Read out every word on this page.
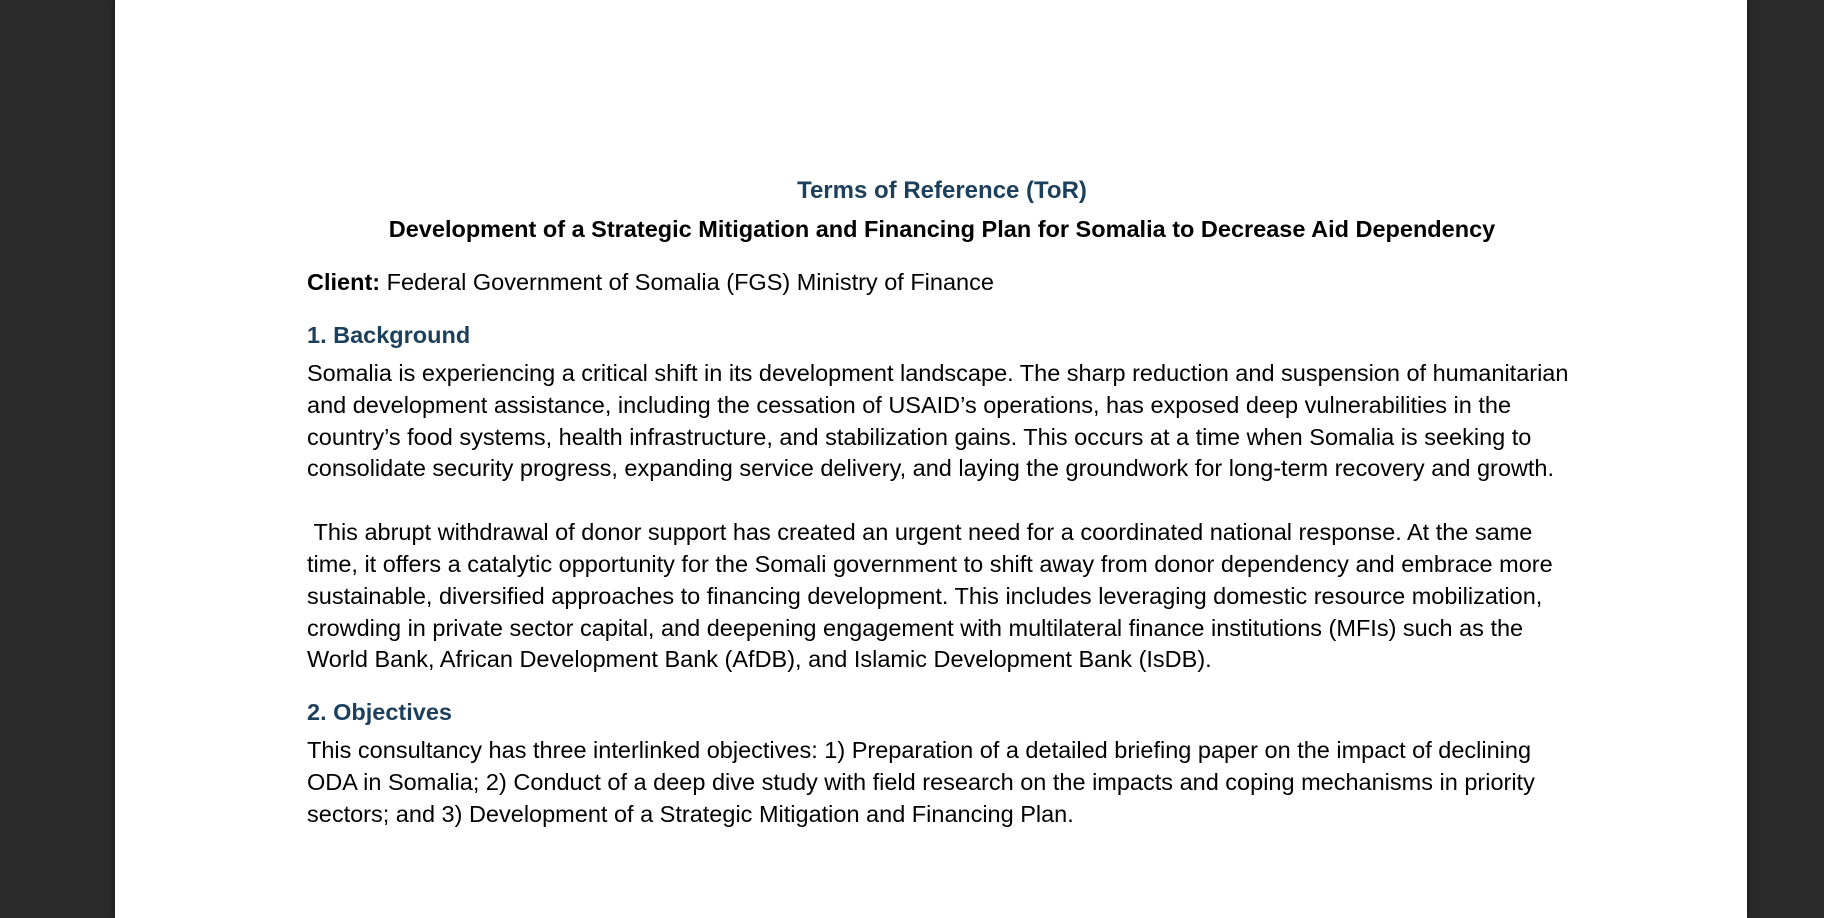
Terms of Reference (ToR)
Development of a Strategic Mitigation and Financing Plan for Somalia to Decrease Aid Dependency
Client: Federal Government of Somalia (FGS) Ministry of Finance
1. Background

Somalia is experiencing a critical shift in its development landscape. The sharp reduction and suspension of humanitarian and development assistance, including the cessation of USAID’s operations, has exposed deep vulnerabilities in the country’s food systems, health infrastructure, and stabilization gains. This occurs at a time when Somalia is seeking to consolidate security progress, expanding service delivery, and laying the groundwork for long-term recovery and growth.

This abrupt withdrawal of donor support has created an urgent need for a coordinated national response. At the same time, it offers a catalytic opportunity for the Somali government to shift away from donor dependency and embrace more sustainable, diversified approaches to financing development. This includes leveraging domestic resource mobilization, crowding in private sector capital, and deepening engagement with multilateral finance institutions (MFIs) such as the World Bank, African Development Bank (AfDB), and Islamic Development Bank (IsDB).

2. Objectives

This consultancy has three interlinked objectives: 1) Preparation of a detailed briefing paper on the impact of declining ODA in Somalia; 2) Conduct of a deep dive study with field research on the impacts and coping mechanisms in priority sectors; and 3) Development of a Strategic Mitigation and Financing Plan.
